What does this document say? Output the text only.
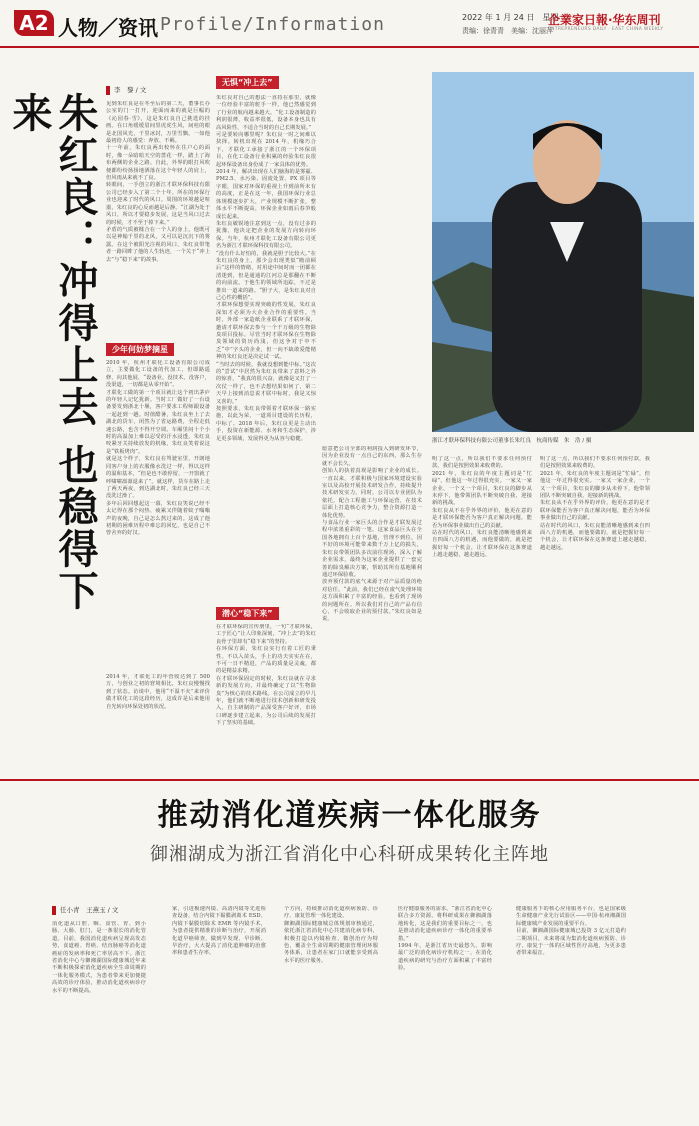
A2 人物／资讯 Profile/Information	2022 年 1 月 24 日　星期一
责编：徐青青　美编：沈丽萍
企業家日報·华东周刊
ENTREPRENEURS DAILY · EAST CHINA WEEKLY
朱红良：冲得上去 也稳得下来
李　黎 / 文
见到朱红良是在冬至后的第二天，董事长办公室的门一打开，迎面而来的就是巨幅的《沁园春·雪》，这是朱红良自己挑选的挂画。在口角缓缓眉间里虎虎生风，间哇的眼是北国风光，千里冰封，万里雪飘。一如他最初给人的感觉：奔放、不羁。
十一年前，朱红良两出校怀在住户心的面时，像一朵暗暗天空的蔷花一样，踏上了海布两侧的企业之路。自此，外界的眼打风吹便都纷纷扬扬地洒落在这个年轻人的肩上，但风雨从来就不了良。
转眼间，一手创立的浙江才联环保科技有限公司已经步入了第二个十年。所在的环保行业也迎来了时代的风口。周围的环境越是喧嚣，朱红良的心反而越是后静。“江湖为处于风口，所以才要稳步发展，这是当风口过去的时候，才不至于掉下来。”
矛盾的气质被糅合在一个人的身上，他既可以是神翰千里的北风，又可以是沉沉下的雾露。在这个被阳光注视的风口，朱红良带笔者一路回眸了他的人生轨迹，一个关于“冲上去”与“稳下来”的故事。
少年何妨梦摘星
2010 年，杭州才联化工设备有限公司成立，主要做化工设备的代加工，但即路遥修，向其他展，“设备业，没技术，没客户，没渠道，一切都是从零开始”。
才联化工做的第一个项目就让这个初出茅庐的年轻人记忆犹新。当时工厂做好了一台设备要发到浙北十堰，客户要求工程师跟设备一起赶到一趟。时值酷暑，朱红良坐上了去湖北的货车，闭然为了省运路费，全程走低速公路，也含不得开空调。车厢里闷十个小时的高温加上难以忍受的汗水浸透，朱红良咬紧牙关持续放发的机缘，朱红良笑着说这是“铁板烤肉”。
就是这个样子，朱红良在驾驶室里，开朗地同客户身上的衣服像水洗过一样，得以这样的温和基本，“但是也不敢停留，一开窗就了呼啸啸凛凛退来了”。就这样，货车在路上走了两天两夜，到达湖北时，朱红良已经三天没洗过澡了。
多年后回回想起这一幕，朱红良笑说已经不太记得在那个闷热、疲累又伴随着蚊子嗡嗡声的夜晚，自己是怎么熬过来的。这成了他初期的困难历程中难忘的回忆，也是自己不曾舍弃的好汉。
2014 年，才联化工的年营收达到了 500 万，与创业之初的窘境相比，朱红良慢慢找到了状态。访谈中，他用“不温不火”来评价做才联化工的这段经历，这成许是后来他用自光转向环保处初的状况。
无惧“冲上去”
朱红良对自己的想法一直持在那里，就像一位经验丰富的舵手一样，他已然感觉到了行业的航向越来越大。“化工设备制造的利润很薄，收益率很低，设备本身也具有高风险性，不适合当时的自己长期发展。”
可是要转向哪里呢？朱红良一时之间难以抉择。转机出现在 2014 年，机缘巧合下，才联化工承接了浙江的一个环保项目，在化工设备行业积累的经验朱红良很起环保设备出身份成了一家具体的优势。
2014 年，解决出现在人们脑海的是雾霾、PM2.5、水污染、固废处置、PX 项目等字眼，国家对环保的重视上升到前所未有的高度，正是在这一年，我国环保行业总体规模逐步扩大，产业规模不断扩张，整体水平不断提高，环保企业如雨后春笋般成长起来。
朱红良敏锐地注意到这一点，没有过多的犹豫，他决定把企业的发展方向转向环保。当年，杭州才联化工设备有限公司更名为浙江才联环保科技有限公司。
“没有什么好怕的，我就是胆子比较大。”在朱红良的身上，那少会出现类似“瞻前顾后”这样的情绪，对用途中间时而一团都在清迷到，但是通通的江河总是那翻在不断的向前流。于他生的领域所追踪，不过是推出一道来的路。“胆子大，是朱红良对自己心性的概括”。
才联环保想要实现突破的性发展，朱红良深知才必须为大企业合作的重要性。当时，外部一家造纸企业联系了才联环保，邀请才联环保去参与一个干万级的生物除臭项目投标。尽管当时才联环保在生物除臭领域的资历尚浅，但这争对于中不乏“中”字头的企业，但一向不缺敢爱能精神的朱红良还是决定试一试。
“当时去的时候，我就没想到能中标。”这次的“尝试”中居然为朱红良带来了意料之外的惊喜，“我真的很兴奋，就像是又打了一次仗一样了，也不去想结果如何了，第二天早上接到消息说才联中标时，我是又惊又喜的。”
按照要求，朱红良带领着才联环保一路实施，以此为荣，一道项目建设的长历程，中标了。2018 年后，朱红良更是主动出手，投资在新能源、水务和生态保护，涉足更多领域，发展得更为从容与稳健。
潜心“稳下来”
在才联环保的宣传册里，一句“才联环保，工于匠心”让人印象深刻，“冲上去”的朱红良骨子里却有“稳下来”的坚持。
在环保方面，朱红良实行有着工匠的秉性。不以入苗头，手上的功夫实实在在，不可一日不精进，产品的质量是灵魂，都的是精益求精。
在才联环保固定的时候，朱红良就在寻求新的发展方向，并最终确定了以“生物除臭”为核心的技术路线。在公司成立的早几年，他们就不断地进行技术创新和研发投入，自主研制的产品深受客户好评，市场口碑逐步建立起来，为公司后续的发展打下了坚实的基础。
浙江才联环保科技有限公司董事长朱红良　杭商传媒　朱　浩 / 摄
愿意把公司全部的利润投入到研发环节，因为企业没有一点自己的东西，那么生存就不会长久。
创始人的执着真观是影响了企业的成长。一直以来，才联积极与国家环境建设实验室以及高校开展技术研发合作，持续提升技术研发实力。同时，公司以专业团队为依托，配合工程施工与环保运营，在技术层面上打造核心竞争力，整合资源打造一体化优势。
与食品行业一家巨头的合作是才联发展过程中浓墨重彩的一笔。这家食品巨头在全国各地拥有上百个基地，管理不到位，因不好的环境可能带来数千万上亿的损失，朱红良带领团队多次前往现场，深入了解企业需求，最终为这家企业提供了一套完善的除臭解决方案，帮助其所有基地顺利通过环保验收。
放弃预付款的底气来源于对产品质量的绝对信任。“此前，我们已经在废气处理环境这方面积累了丰富的经验，也看到了现场的问题所在。所以我们对自己的产品有信心，不会收取企业的预付款。”朱红良如是说。
明了这一点，所以我们不要求任何预付款，我们是按照效果来收费的。
2021 年，朱红良的年度主题词是“忙碌”，但他这一年过得很充实。一家又一家企业，一个又一个项目，朱红良的脚步从未停下，他带领团队不断突破自我，迎接新的挑战。
朱红良从不在乎外界的评价，他更在意的是才联环保能否为客户真正解决问题，能否为环保事业做出自己的贡献。
站在时代的风口，朱红良能清晰地感到来自四面八方的机遇，而他要做的，就是把握好每一个机会，让才联环保在这条赛道上越走越稳，越走越远。
明了这一点，所以我们不要求任何预付款，我们是按照效果来收费的。
2021 年，朱红良的年度主题词是“忙碌”，但他这一年过得很充实。一家又一家企业，一个又一个项目，朱红良的脚步从未停下，他带领团队不断突破自我，迎接新的挑战。
朱红良从不在乎外界的评价，他更在意的是才联环保能否为客户真正解决问题，能否为环保事业做出自己的贡献。
站在时代的风口，朱红良能清晰地感到来自四面八方的机遇，而他要做的，就是把握好每一个机会，让才联环保在这条赛道上越走越稳，越走越远。
推动消化道疾病一体化服务
御湘湖成为浙江省消化中心科研成果转化主阵地
任小青　王燕玉 / 文
消化道从口腔、咽、食管、胃、到小肠、大肠、肛门，是一条很长的消化管道。目前，我国消化道疾病呈现高发态势，食道癌、胃癌、结直肠癌等消化道癌症的发病率和死亡率居高不下。浙江省消化中心与御湘湖国际健康城近年来不断积极探索消化道疾病全生命周期的一体化服务模式，为患者带来更加便捷高效的诊疗体验，推动消化道疾病诊疗水平的不断提高。
家，引进极速内镜、高清内镜等先进检查设备，结合内镜下黏膜剥离术 ESD、内镜下黏膜切除术 EMR 等内镜手术，为患者提供精准的诊断与治疗，开展消化道早癌筛查，做到早发现、早诊断、早治疗，大大提高了消化道肿瘤的治愈率和患者生存率。
个方向，持续推动消化道疾病预防、诊疗、康复管理一体化建设。
御湘湖国际健康城总体规划审核通过，依托浙江省消化中心共建消化病专科，积极打造以内镜检查、微创治疗为特色，覆盖全生命周期的健康管理闭环服务体系，让患者在家门口就能享受到高水平的医疗服务。
医疗健康服务的需求。“浙江省消化中心联合多方资源，将科研成果在御湘湖落地转化，这是我们的重要目标之一，也是推动消化道疾病诊疗一体化的重要举措。”
1994 年，是浙江省历史最悠久、影响最广泛的消化病诊疗机构之一，在消化道疾病的研究与治疗方面积累了丰富经验。
健康服务下的核心应用服务平台，也是国家级生命健康产业先行试验区——中国·杭州湘湖国际健康城产业发展的重要平台。
目前，御湘湖国际健康城已投资 3 亿元打造约二期项目，未来将成为集消化道疾病预防、诊疗、康复于一体的区域性医疗高地，为更多患者带来福音。
